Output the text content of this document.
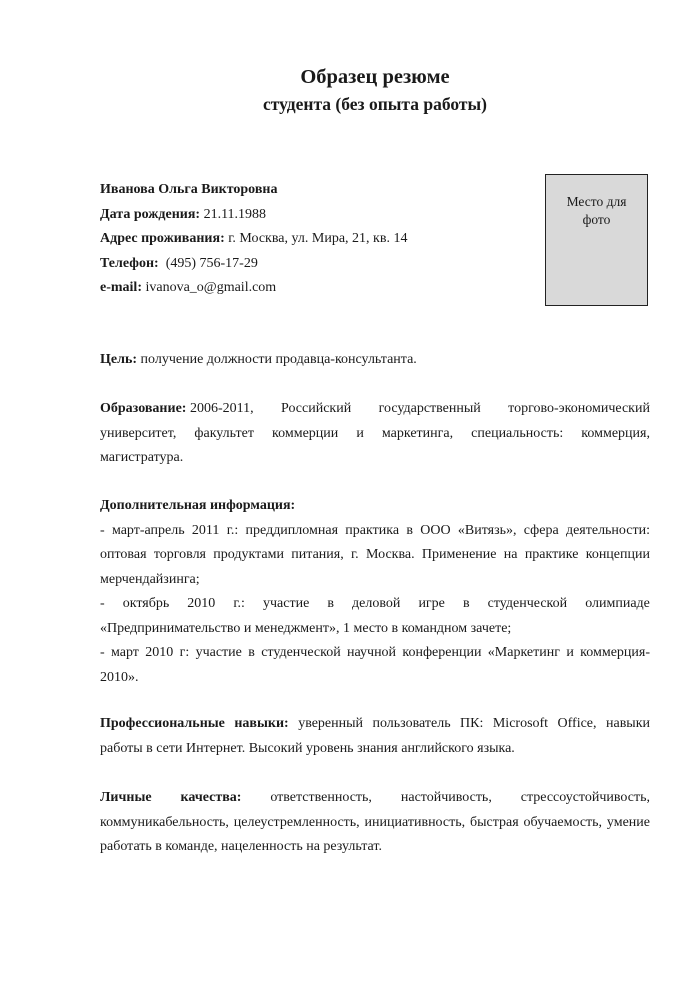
Образец резюме
студента (без опыта работы)
Иванова Ольга Викторовна
Дата рождения: 21.11.1988
Адрес проживания: г. Москва, ул. Мира, 21, кв. 14
Телефон: (495) 756-17-29
e-mail: ivanova_o@gmail.com
Место для
фото
Цель: получение должности продавца-консультанта.
Образование: 2006-2011, Российский государственный торгово-экономический
университет, факультет коммерции и маркетинга, специальность: коммерция,
магистратура.
Дополнительная информация:
- март-апрель 2011 г.: преддипломная практика в ООО «Витязь», сфера деятельности:
оптовая торговля продуктами питания, г. Москва. Применение на практике концепции
мерчендайзинга;
- октябрь 2010 г.: участие в деловой игре в студенческой олимпиаде
«Предпринимательство и менеджмент», 1 место в командном зачете;
- март 2010 г: участие в студенческой научной конференции «Маркетинг и коммерция-
2010».
Профессиональные навыки: уверенный пользователь ПК: Microsoft Office, навыки
работы в сети Интернет. Высокий уровень знания английского языка.
Личные качества: ответственность, настойчивость, стрессоустойчивость,
коммуникабельность, целеустремленность, инициативность, быстрая обучаемость, умение
работать в команде, нацеленность на результат.
